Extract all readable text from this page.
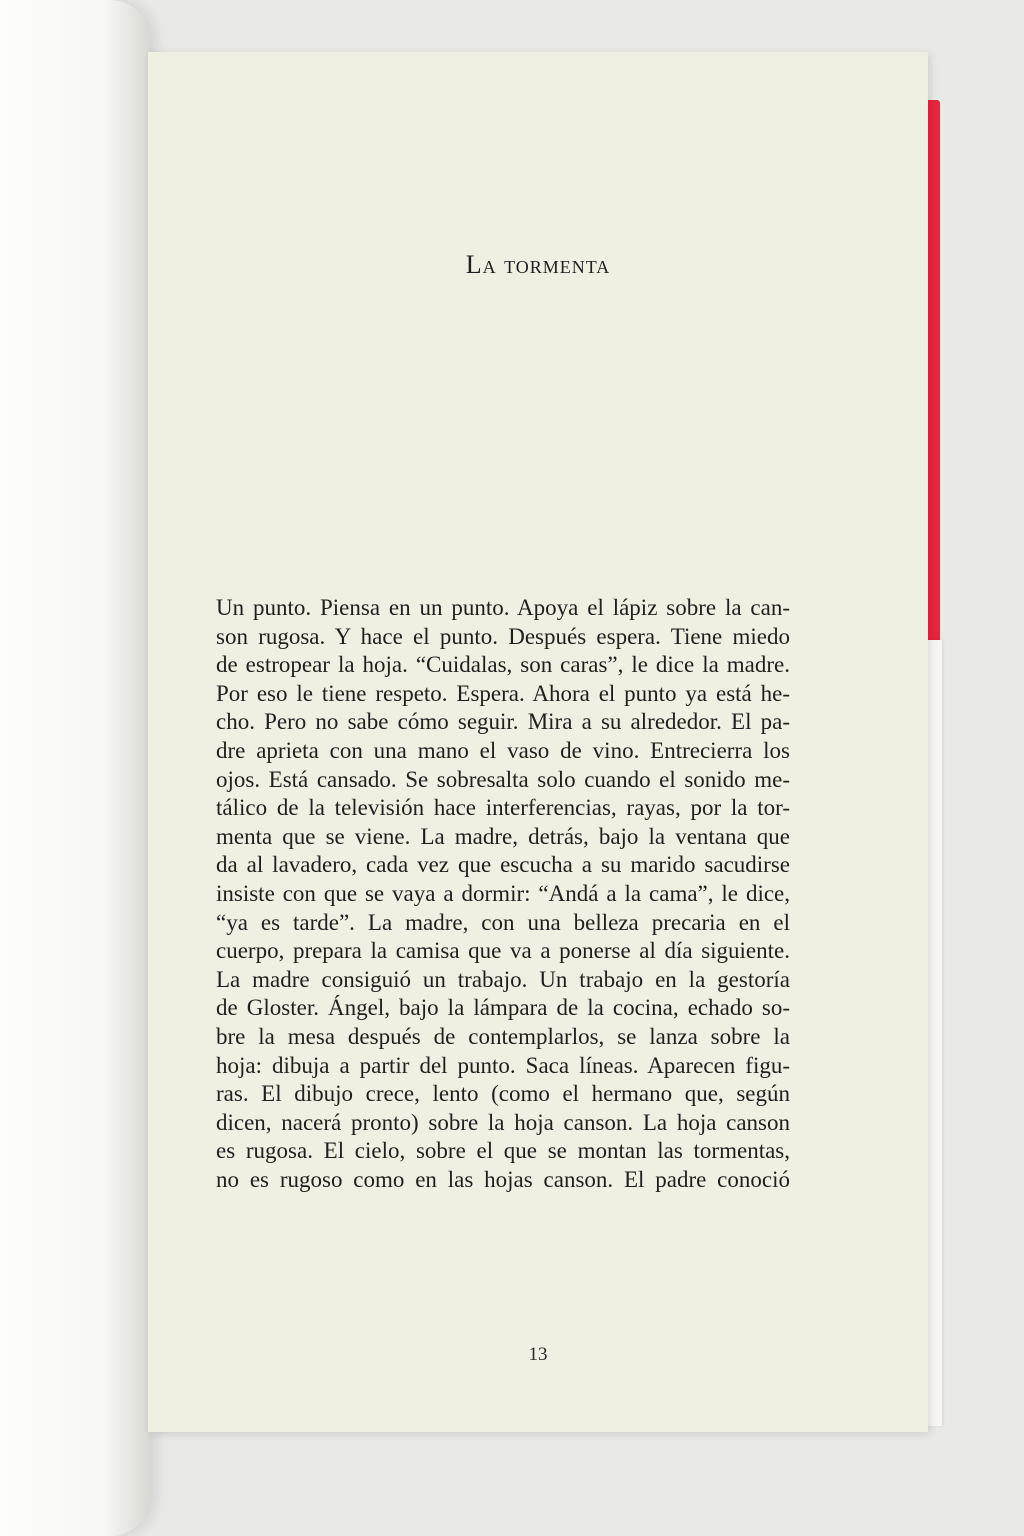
La tormenta
Un punto. Piensa en un punto. Apoya el lápiz sobre la can-
son rugosa. Y hace el punto. Después espera. Tiene miedo
de estropear la hoja. “Cuidalas, son caras”, le dice la madre.
Por eso le tiene respeto. Espera. Ahora el punto ya está he-
cho. Pero no sabe cómo seguir. Mira a su alrededor. El pa-
dre aprieta con una mano el vaso de vino. Entrecierra los
ojos. Está cansado. Se sobresalta solo cuando el sonido me-
tálico de la televisión hace interferencias, rayas, por la tor-
menta que se viene. La madre, detrás, bajo la ventana que
da al lavadero, cada vez que escucha a su marido sacudirse
insiste con que se vaya a dormir: “Andá a la cama”, le dice,
“ya es tarde”. La madre, con una belleza precaria en el
cuerpo, prepara la camisa que va a ponerse al día siguiente.
La madre consiguió un trabajo. Un trabajo en la gestoría
de Gloster. Ángel, bajo la lámpara de la cocina, echado so-
bre la mesa después de contemplarlos, se lanza sobre la
hoja: dibuja a partir del punto. Saca líneas. Aparecen figu-
ras. El dibujo crece, lento (como el hermano que, según
dicen, nacerá pronto) sobre la hoja canson. La hoja canson
es rugosa. El cielo, sobre el que se montan las tormentas,
no es rugoso como en las hojas canson. El padre conoció
13
